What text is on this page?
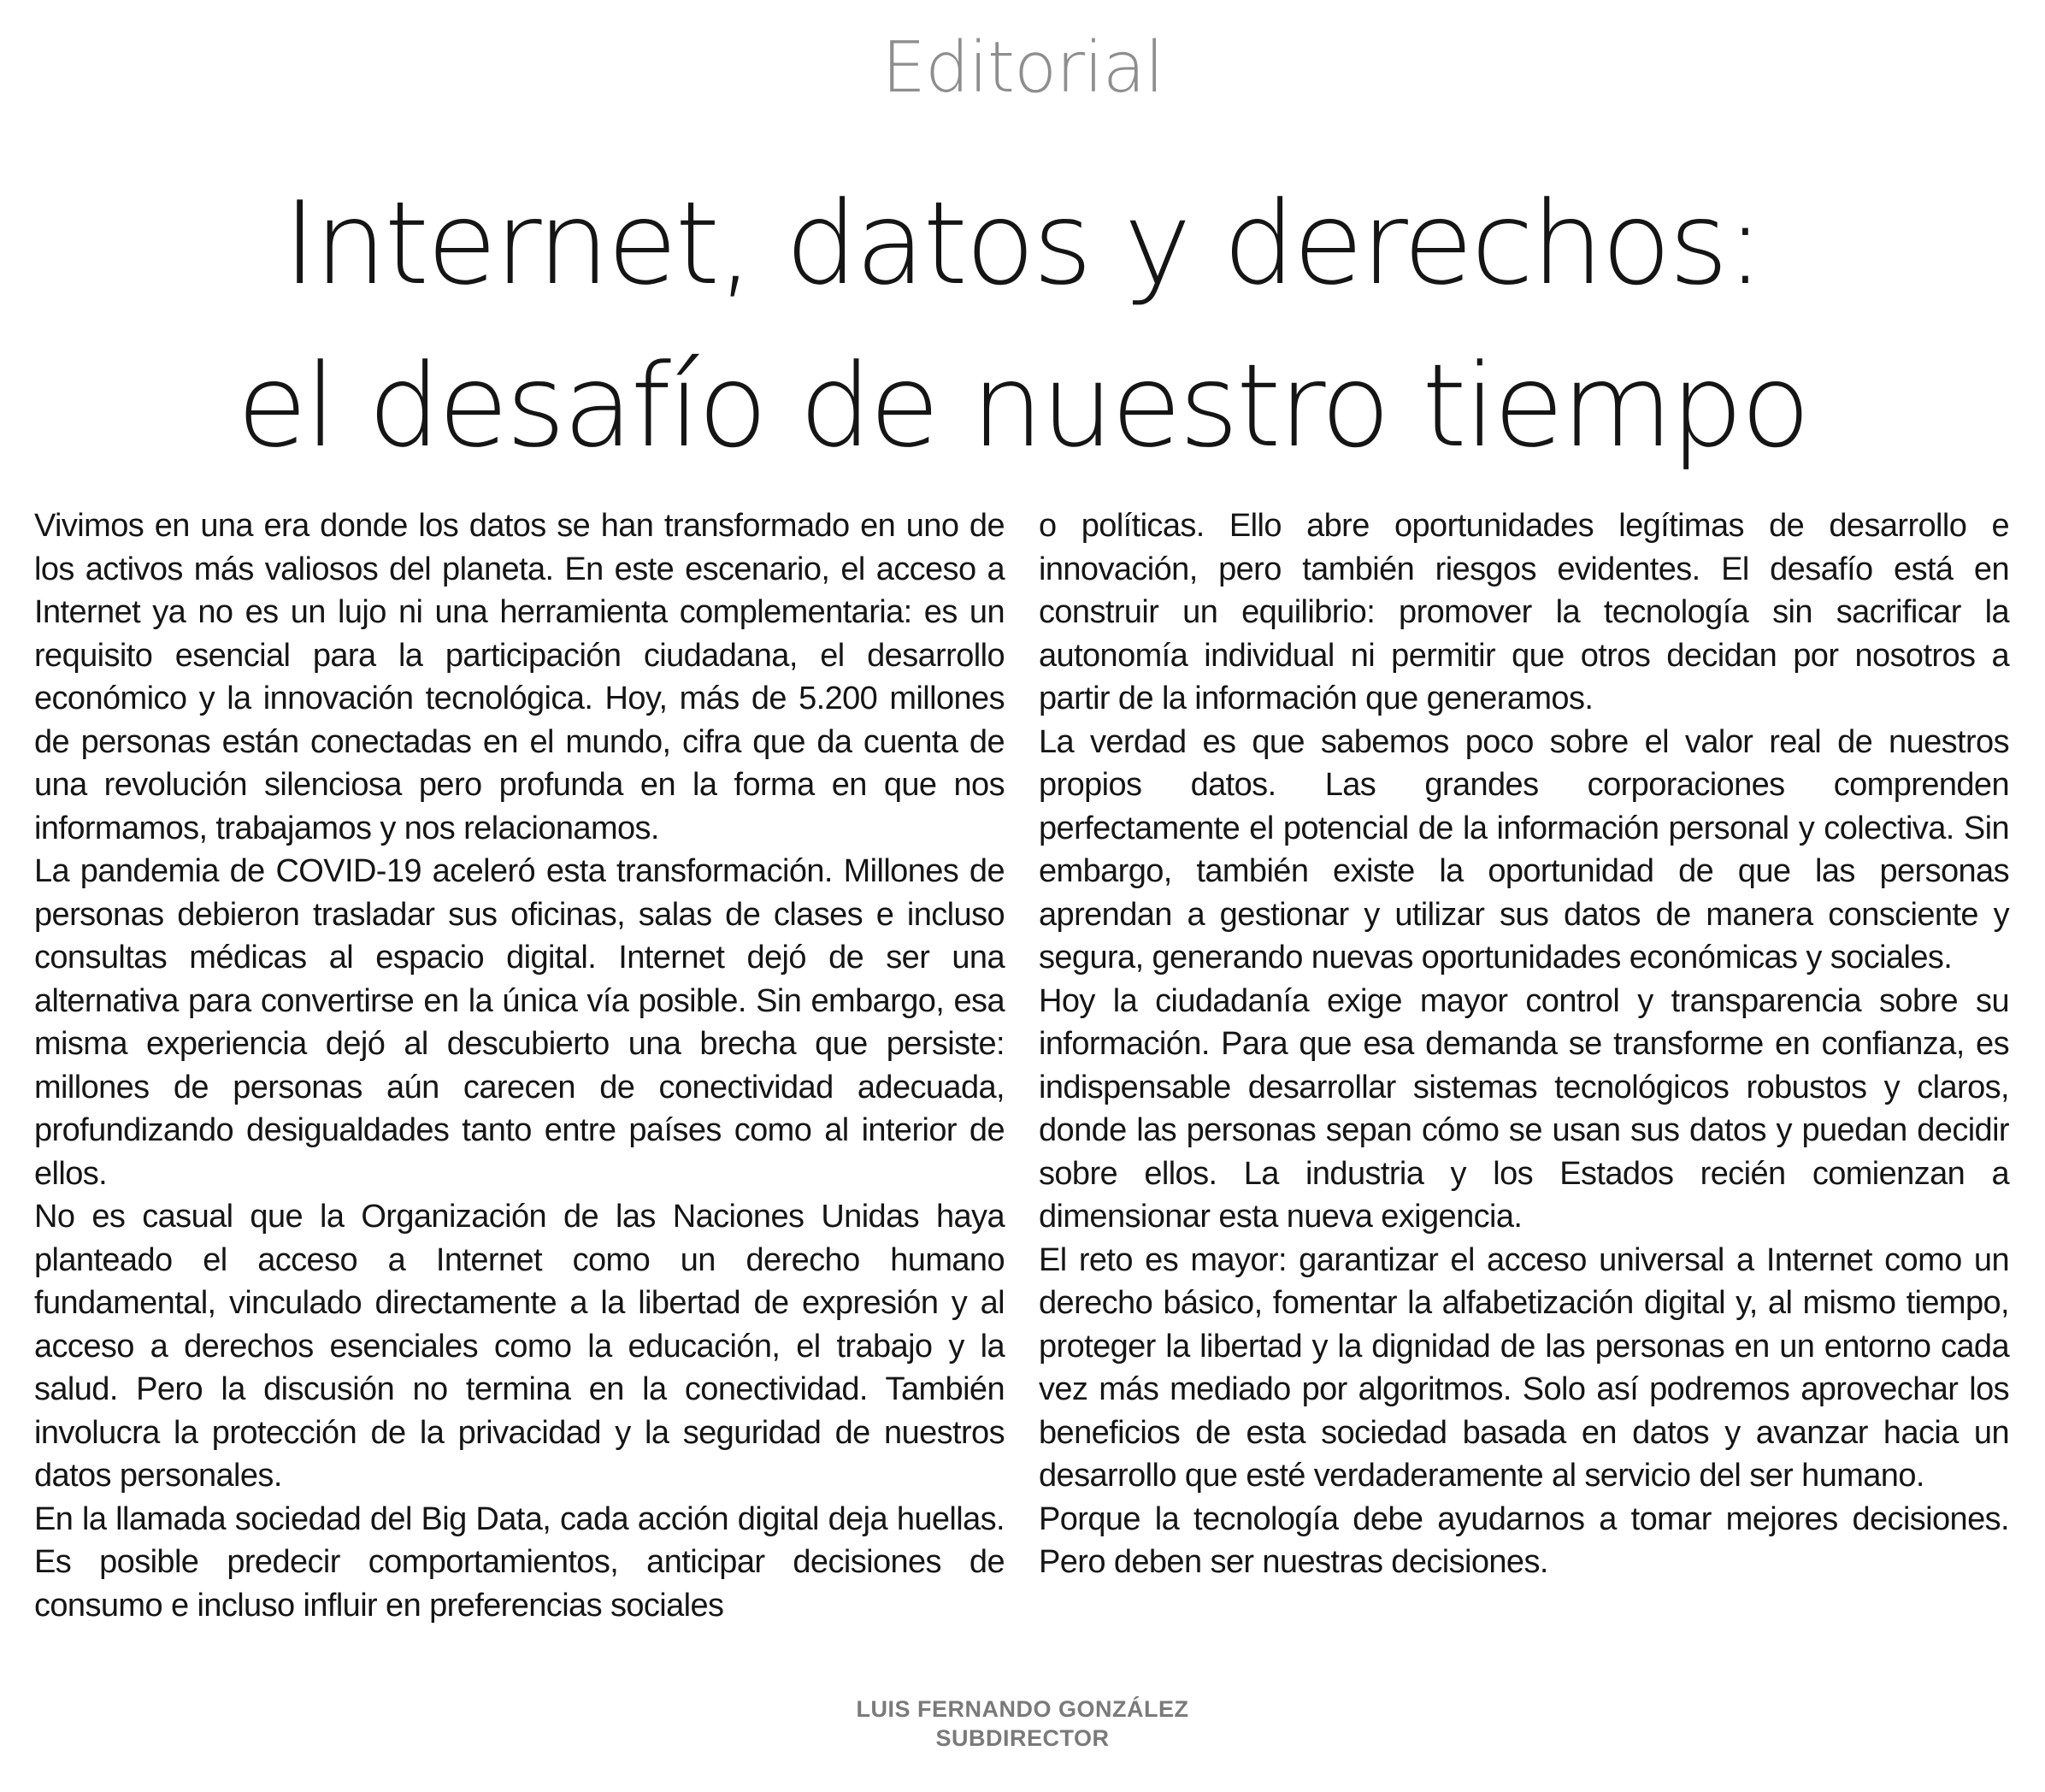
Editorial
Internet, datos y derechos:
el desafío de nuestro tiempo

Vivimos en una era donde los datos se han transformado en uno de los activos más valiosos del planeta. En este escenario, el acceso a Internet ya no es un lujo ni una herramienta complementaria: es un requisito esencial para la participación ciudadana, el desarrollo económico y la innovación tecnológica. Hoy, más de 5.200 millones de personas están conectadas en el mundo, cifra que da cuenta de una revolución silenciosa pero profunda en la forma en que nos informamos, trabajamos y nos relacionamos.

La pandemia de COVID-19 aceleró esta transformación. Millones de personas debieron trasladar sus oficinas, salas de clases e incluso consultas médicas al espacio digital. Internet dejó de ser una alternativa para convertirse en la única vía posible. Sin embargo, esa misma experiencia dejó al descubierto una brecha que persiste: millones de personas aún carecen de conectividad adecuada, profundizando desigualdades tanto entre países como al interior de ellos.

No es casual que la Organización de las Naciones Unidas haya planteado el acceso a Internet como un derecho humano fundamental, vinculado directamente a la libertad de expresión y al acceso a derechos esenciales como la educación, el trabajo y la salud. Pero la discusión no termina en la conectividad. También involucra la protección de la privacidad y la seguridad de nuestros datos personales.

En la llamada sociedad del Big Data, cada acción digital deja huellas. Es posible predecir comportamientos, anticipar decisiones de consumo e incluso influir en preferencias sociales

o políticas. Ello abre oportunidades legítimas de desarrollo e innovación, pero también riesgos evidentes. El desafío está en construir un equilibrio: promover la tecnología sin sacrificar la autonomía individual ni permitir que otros decidan por nosotros a partir de la información que generamos.

La verdad es que sabemos poco sobre el valor real de nuestros propios datos. Las grandes corporaciones comprenden perfectamente el potencial de la información personal y colectiva. Sin embargo, también existe la oportunidad de que las personas aprendan a gestionar y utilizar sus datos de manera consciente y segura, generando nuevas oportunidades económicas y sociales.

Hoy la ciudadanía exige mayor control y transparencia sobre su información. Para que esa demanda se transforme en confianza, es indispensable desarrollar sistemas tecnológicos robustos y claros, donde las personas sepan cómo se usan sus datos y puedan decidir sobre ellos. La industria y los Estados recién comienzan a dimensionar esta nueva exigencia.

El reto es mayor: garantizar el acceso universal a Internet como un derecho básico, fomentar la alfabetización digital y, al mismo tiempo, proteger la libertad y la dignidad de las personas en un entorno cada vez más mediado por algoritmos. Solo así podremos aprovechar los beneficios de esta sociedad basada en datos y avanzar hacia un desarrollo que esté verdaderamente al servicio del ser humano.

Porque la tecnología debe ayudarnos a tomar mejores decisiones. Pero deben ser nuestras decisiones.

LUIS FERNANDO GONZÁLEZ
SUBDIRECTOR
